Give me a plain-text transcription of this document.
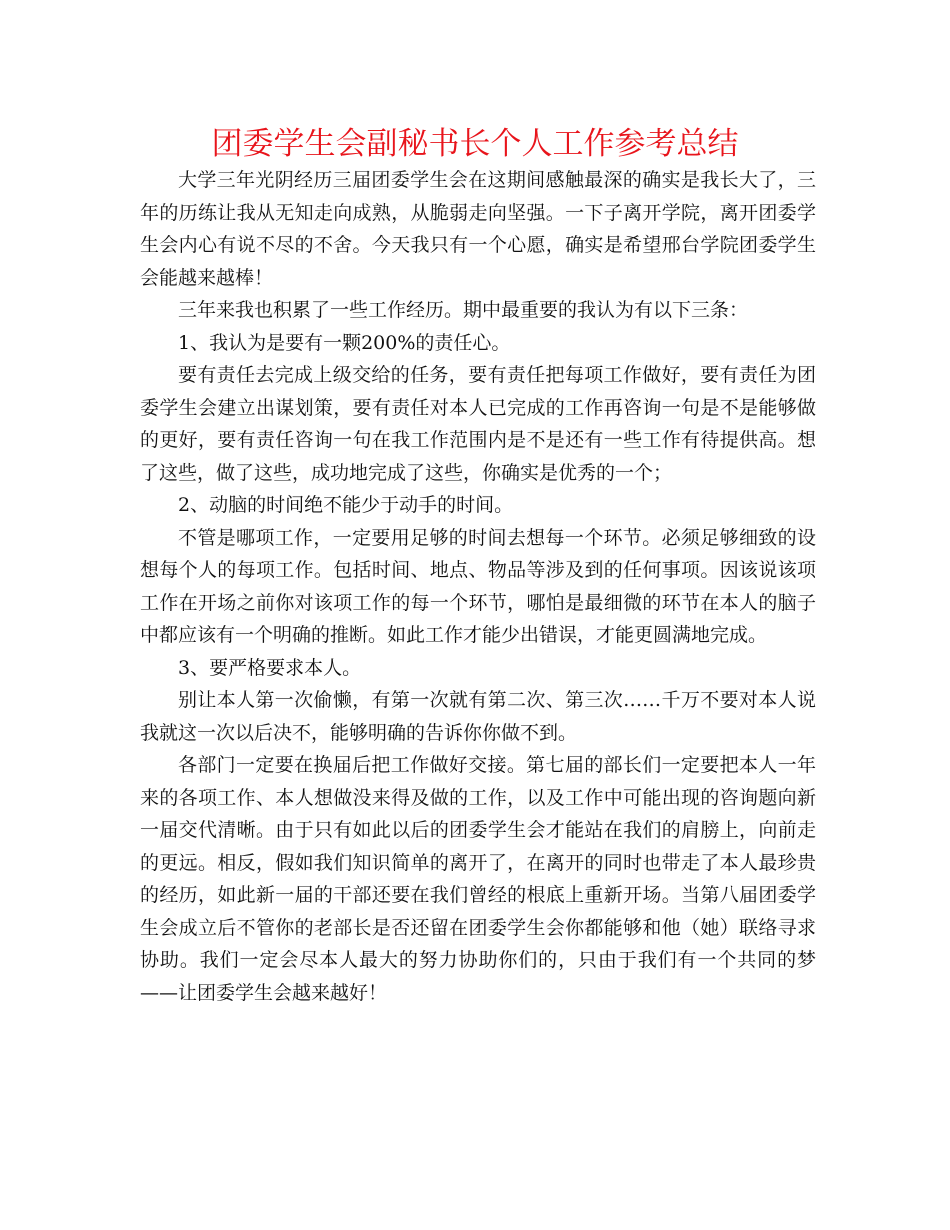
团委学生会副秘书长个人工作参考总结

大学三年光阴经历三届团委学生会在这期间感触最深的确实是我长大了，三年的历练让我从无知走向成熟，从脆弱走向坚强。一下子离开学院，离开团委学生会内心有说不尽的不舍。今天我只有一个心愿，确实是希望邢台学院团委学生会能越来越棒！

三年来我也积累了一些工作经历。期中最重要的我认为有以下三条：

1、我认为是要有一颗200%的责任心。

要有责任去完成上级交给的任务，要有责任把每项工作做好，要有责任为团委学生会建立出谋划策，要有责任对本人已完成的工作再咨询一句是不是能够做的更好，要有责任咨询一句在我工作范围内是不是还有一些工作有待提供高。想了这些，做了这些，成功地完成了这些，你确实是优秀的一个；

2、动脑的时间绝不能少于动手的时间。

不管是哪项工作，一定要用足够的时间去想每一个环节。必须足够细致的设想每个人的每项工作。包括时间、地点、物品等涉及到的任何事项。因该说该项工作在开场之前你对该项工作的每一个环节，哪怕是最细微的环节在本人的脑子中都应该有一个明确的推断。如此工作才能少出错误，才能更圆满地完成。

3、要严格要求本人。

别让本人第一次偷懒，有第一次就有第二次、第三次……千万不要对本人说我就这一次以后决不，能够明确的告诉你你做不到。

各部门一定要在换届后把工作做好交接。第七届的部长们一定要把本人一年来的各项工作、本人想做没来得及做的工作，以及工作中可能出现的咨询题向新一届交代清晰。由于只有如此以后的团委学生会才能站在我们的肩膀上，向前走的更远。相反，假如我们知识简单的离开了，在离开的同时也带走了本人最珍贵的经历，如此新一届的干部还要在我们曾经的根底上重新开场。当第八届团委学生会成立后不管你的老部长是否还留在团委学生会你都能够和他（她）联络寻求协助。我们一定会尽本人最大的努力协助你们的，只由于我们有一个共同的梦——让团委学生会越来越好！
